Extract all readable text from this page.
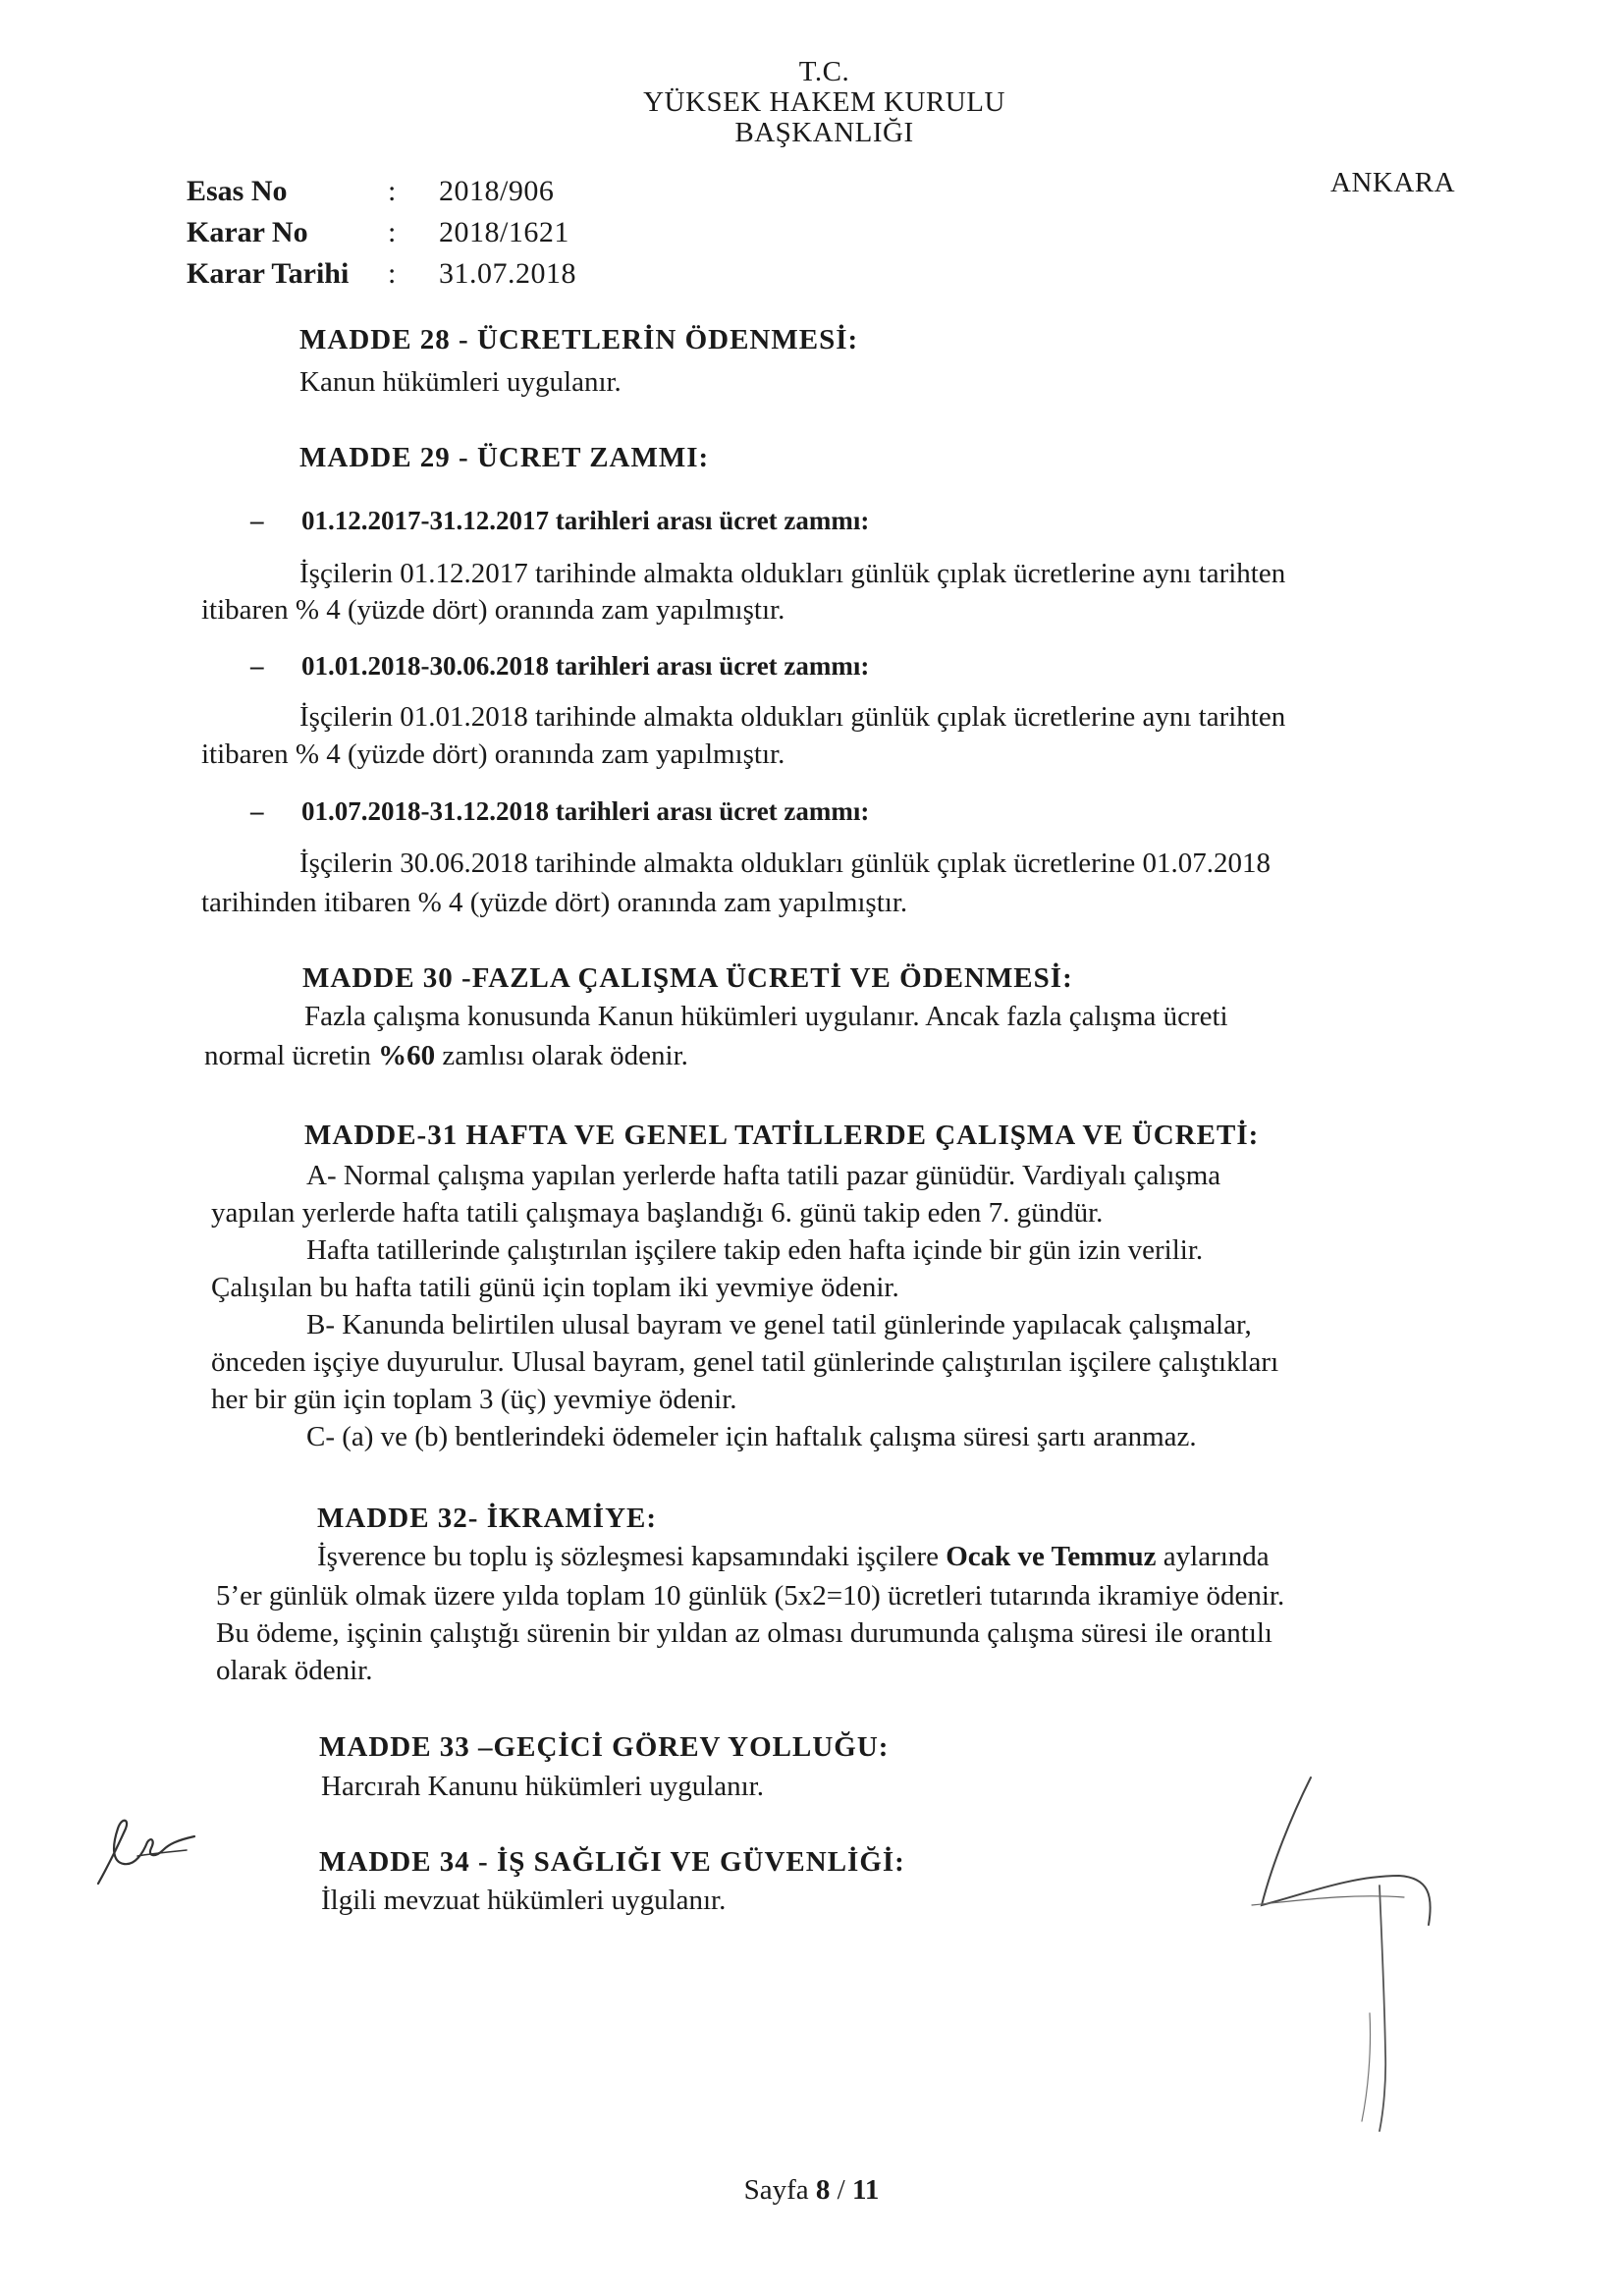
T.C.
YÜKSEK HAKEM KURULU
BAŞKANLIĞI
ANKARA
Esas No	: 2018/906
Karar No	: 2018/1621
Karar Tarihi : 31.07.2018
MADDE 28 - ÜCRETLERİN ÖDENMESİ:
Kanun hükümleri uygulanır.
MADDE 29 - ÜCRET ZAMMI:
– 01.12.2017-31.12.2017 tarihleri arası ücret zammı:
İşçilerin 01.12.2017 tarihinde almakta oldukları günlük çıplak ücretlerine aynı tarihten
itibaren % 4 (yüzde dört) oranında zam yapılmıştır.
– 01.01.2018-30.06.2018 tarihleri arası ücret zammı:
İşçilerin 01.01.2018 tarihinde almakta oldukları günlük çıplak ücretlerine aynı tarihten
itibaren % 4 (yüzde dört) oranında zam yapılmıştır.
– 01.07.2018-31.12.2018 tarihleri arası ücret zammı:
İşçilerin 30.06.2018 tarihinde almakta oldukları günlük çıplak ücretlerine 01.07.2018
tarihinden itibaren % 4 (yüzde dört) oranında zam yapılmıştır.
MADDE 30 -FAZLA ÇALIŞMA ÜCRETİ VE ÖDENMESİ:
Fazla çalışma konusunda Kanun hükümleri uygulanır. Ancak fazla çalışma ücreti
normal ücretin %60 zamlısı olarak ödenir.
MADDE-31 HAFTA VE GENEL TATİLLERDE ÇALIŞMA VE ÜCRETİ:
A- Normal çalışma yapılan yerlerde hafta tatili pazar günüdür. Vardiyalı çalışma
yapılan yerlerde hafta tatili çalışmaya başlandığı 6. günü takip eden 7. gündür.
Hafta tatillerinde çalıştırılan işçilere takip eden hafta içinde bir gün izin verilir.
Çalışılan bu hafta tatili günü için toplam iki yevmiye ödenir.
B- Kanunda belirtilen ulusal bayram ve genel tatil günlerinde yapılacak çalışmalar,
önceden işçiye duyurulur. Ulusal bayram, genel tatil günlerinde çalıştırılan işçilere çalıştıkları
her bir gün için toplam 3 (üç) yevmiye ödenir.
C- (a) ve (b) bentlerindeki ödemeler için haftalık çalışma süresi şartı aranmaz.
MADDE 32- İKRAMİYE:
İşverence bu toplu iş sözleşmesi kapsamındaki işçilere Ocak ve Temmuz aylarında
5’er günlük olmak üzere yılda toplam 10 günlük (5x2=10) ücretleri tutarında ikramiye ödenir.
Bu ödeme, işçinin çalıştığı sürenin bir yıldan az olması durumunda çalışma süresi ile orantılı
olarak ödenir.
MADDE 33 –GEÇİCİ GÖREV YOLLUĞU:
Harcırah Kanunu hükümleri uygulanır.
MADDE 34 - İŞ SAĞLIĞI VE GÜVENLİĞİ:
İlgili mevzuat hükümleri uygulanır.
Sayfa 8 / 11
